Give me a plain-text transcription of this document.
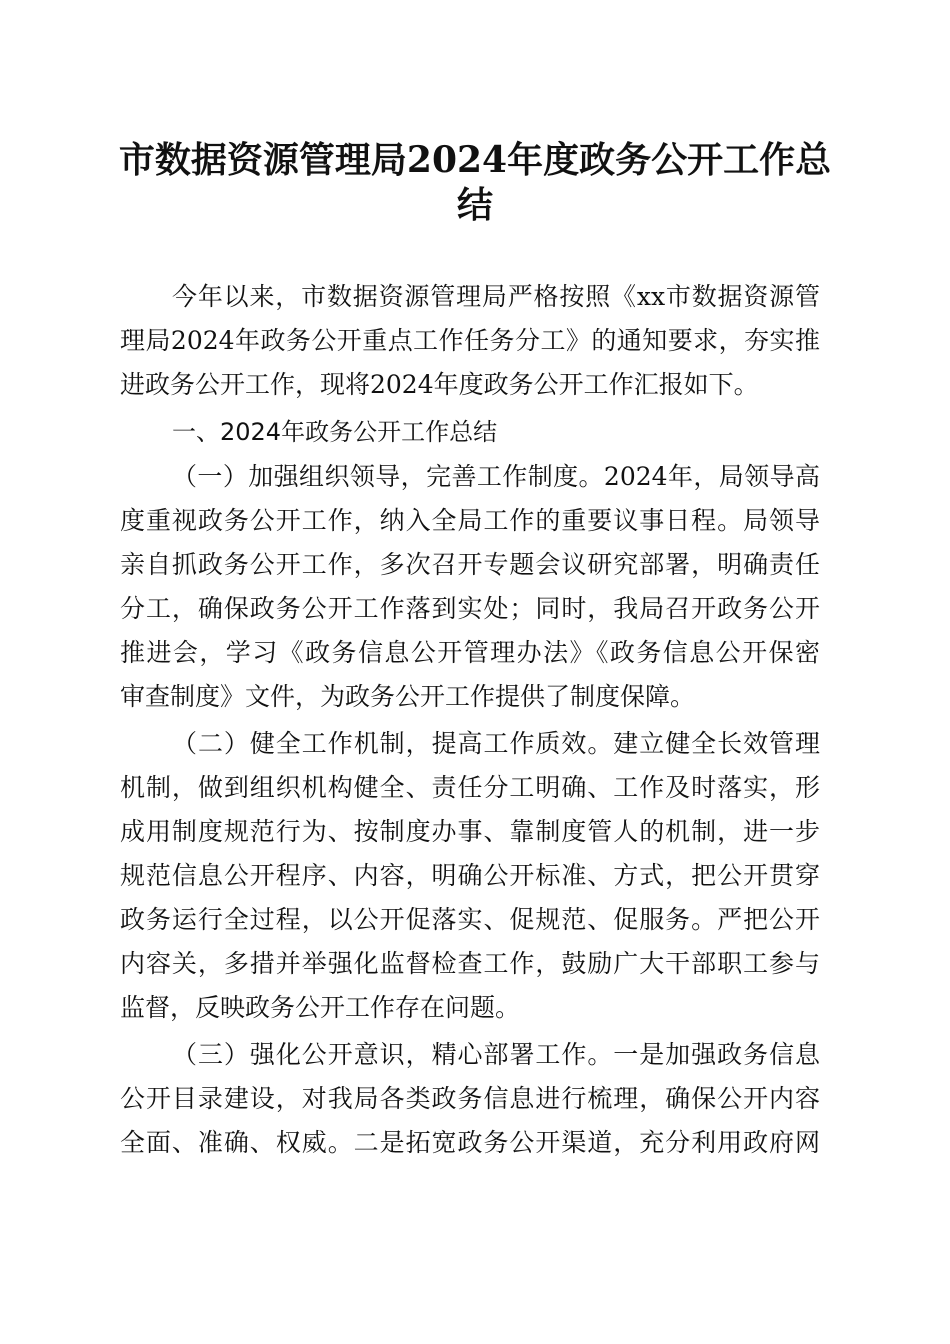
市数据资源管理局2024年度政务公开工作总
结
今年以来，市数据资源管理局严格按照《xx市数据资源管
理局2024年政务公开重点工作任务分工》的通知要求，夯实推
进政务公开工作，现将2024年度政务公开工作汇报如下。
一、2024年政务公开工作总结
（一）加强组织领导，完善工作制度。2024年，局领导高
度重视政务公开工作，纳入全局工作的重要议事日程。局领导
亲自抓政务公开工作，多次召开专题会议研究部署，明确责任
分工，确保政务公开工作落到实处；同时，我局召开政务公开
推进会，学习《政务信息公开管理办法》《政务信息公开保密
审查制度》文件，为政务公开工作提供了制度保障。
（二）健全工作机制，提高工作质效。建立健全长效管理
机制，做到组织机构健全、责任分工明确、工作及时落实，形
成用制度规范行为、按制度办事、靠制度管人的机制，进一步
规范信息公开程序、内容，明确公开标准、方式，把公开贯穿
政务运行全过程，以公开促落实、促规范、促服务。严把公开
内容关，多措并举强化监督检查工作，鼓励广大干部职工参与
监督，反映政务公开工作存在问题。
（三）强化公开意识，精心部署工作。一是加强政务信息
公开目录建设，对我局各类政务信息进行梳理，确保公开内容
全面、准确、权威。二是拓宽政务公开渠道，充分利用政府网
